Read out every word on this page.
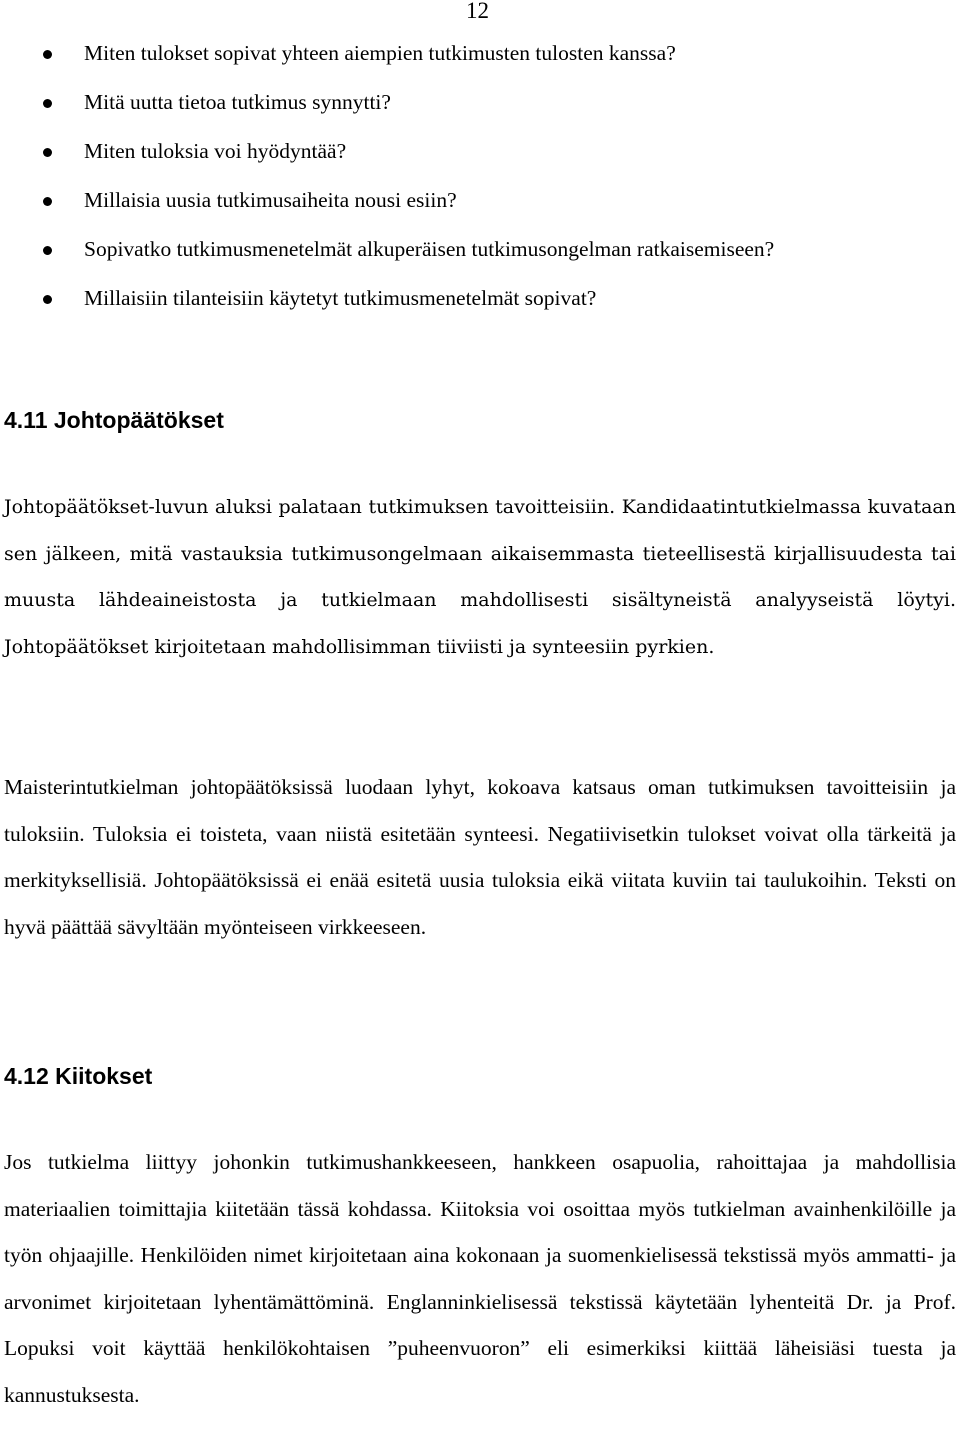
12
Miten tulokset sopivat yhteen aiempien tutkimusten tulosten kanssa?
Mitä uutta tietoa tutkimus synnytti?
Miten tuloksia voi hyödyntää?
Millaisia uusia tutkimusaiheita nousi esiin?
Sopivatko tutkimusmenetelmät alkuperäisen tutkimusongelman ratkaisemiseen?
Millaisiin tilanteisiin käytetyt tutkimusmenetelmät sopivat?
4.11 Johtopäätökset

Johtopäätökset-luvun aluksi palataan tutkimuksen tavoitteisiin. Kandidaatintutkielmassa kuvataan sen jälkeen, mitä vastauksia tutkimusongelmaan aikaisemmasta tieteellisestä kirjallisuudesta tai muusta lähdeaineistosta ja tutkielmaan mahdollisesti sisältyneistä analyyseistä löytyi. Johtopäätökset kirjoitetaan mahdollisimman tiiviisti ja synteesiin pyrkien.

Maisterintutkielman johtopäätöksissä luodaan lyhyt, kokoava katsaus oman tutkimuksen tavoitteisiin ja tuloksiin. Tuloksia ei toisteta, vaan niistä esitetään synteesi. Negatiivisetkin tulokset voivat olla tärkeitä ja merkityksellisiä. Johtopäätöksissä ei enää esitetä uusia tuloksia eikä viitata kuviin tai taulukoihin. Teksti on hyvä päättää sävyltään myönteiseen virkkeeseen.

4.12 Kiitokset

Jos tutkielma liittyy johonkin tutkimushankkeeseen, hankkeen osapuolia, rahoittajaa ja mahdollisia materiaalien toimittajia kiitetään tässä kohdassa. Kiitoksia voi osoittaa myös tutkielman avainhenkilöille ja työn ohjaajille. Henkilöiden nimet kirjoitetaan aina kokonaan ja suomenkielisessä tekstissä myös ammatti- ja arvonimet kirjoitetaan lyhentämättöminä. Englanninkielisessä tekstissä käytetään lyhenteitä Dr. ja Prof. Lopuksi voit käyttää henkilökohtaisen ”puheenvuoron” eli esimerkiksi kiittää läheisiäsi tuesta ja kannustuksesta.
